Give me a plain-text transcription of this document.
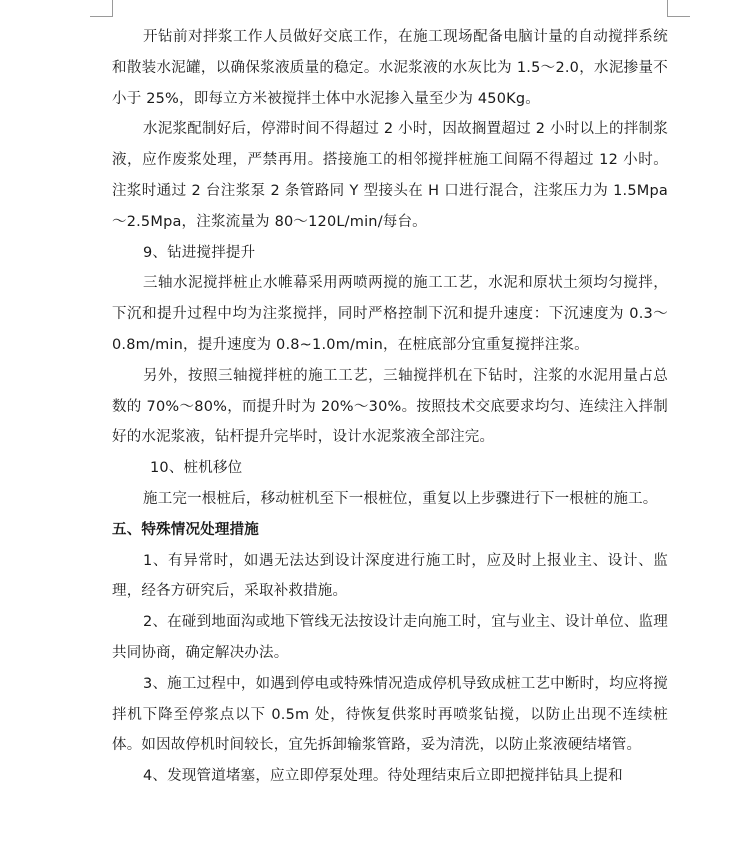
开钻前对拌浆工作人员做好交底工作，在施工现场配备电脑计量的自动搅拌系统和散装水泥罐，以确保浆液质量的稳定。水泥浆液的水灰比为 1.5～2.0，水泥掺量不小于 25%，即每立方米被搅拌土体中水泥掺入量至少为 450Kg。

水泥浆配制好后，停滞时间不得超过 2 小时，因故搁置超过 2 小时以上的拌制浆液，应作废浆处理，严禁再用。搭接施工的相邻搅拌桩施工间隔不得超过 12 小时。注浆时通过 2 台注浆泵 2 条管路同 Y 型接头在 H 口进行混合，注浆压力为 1.5Mpa～2.5Mpa，注浆流量为 80～120L/min/每台。

9、钻进搅拌提升

三轴水泥搅拌桩止水帷幕采用两喷两搅的施工工艺，水泥和原状土须均匀搅拌，下沉和提升过程中均为注浆搅拌，同时严格控制下沉和提升速度：下沉速度为 0.3～0.8m/min，提升速度为 0.8~1.0m/min，在桩底部分宜重复搅拌注浆。

另外，按照三轴搅拌桩的施工工艺，三轴搅拌机在下钻时，注浆的水泥用量占总数的 70%～80%，而提升时为 20%～30%。按照技术交底要求均匀、连续注入拌制好的水泥浆液，钻杆提升完毕时，设计水泥浆液全部注完。

10、桩机移位

施工完一根桩后，移动桩机至下一根桩位，重复以上步骤进行下一根桩的施工。

五、特殊情况处理措施

1、有异常时，如遇无法达到设计深度进行施工时，应及时上报业主、设计、监理，经各方研究后，采取补救措施。

2、在碰到地面沟或地下管线无法按设计走向施工时，宜与业主、设计单位、监理共同协商，确定解决办法。

3、施工过程中，如遇到停电或特殊情况造成停机导致成桩工艺中断时，均应将搅拌机下降至停浆点以下 0.5m 处，待恢复供浆时再喷浆钻搅，以防止出现不连续桩体。如因故停机时间较长，宜先拆卸输浆管路，妥为清洗，以防止浆液硬结堵管。

4、发现管道堵塞，应立即停泵处理。待处理结束后立即把搅拌钻具上提和
